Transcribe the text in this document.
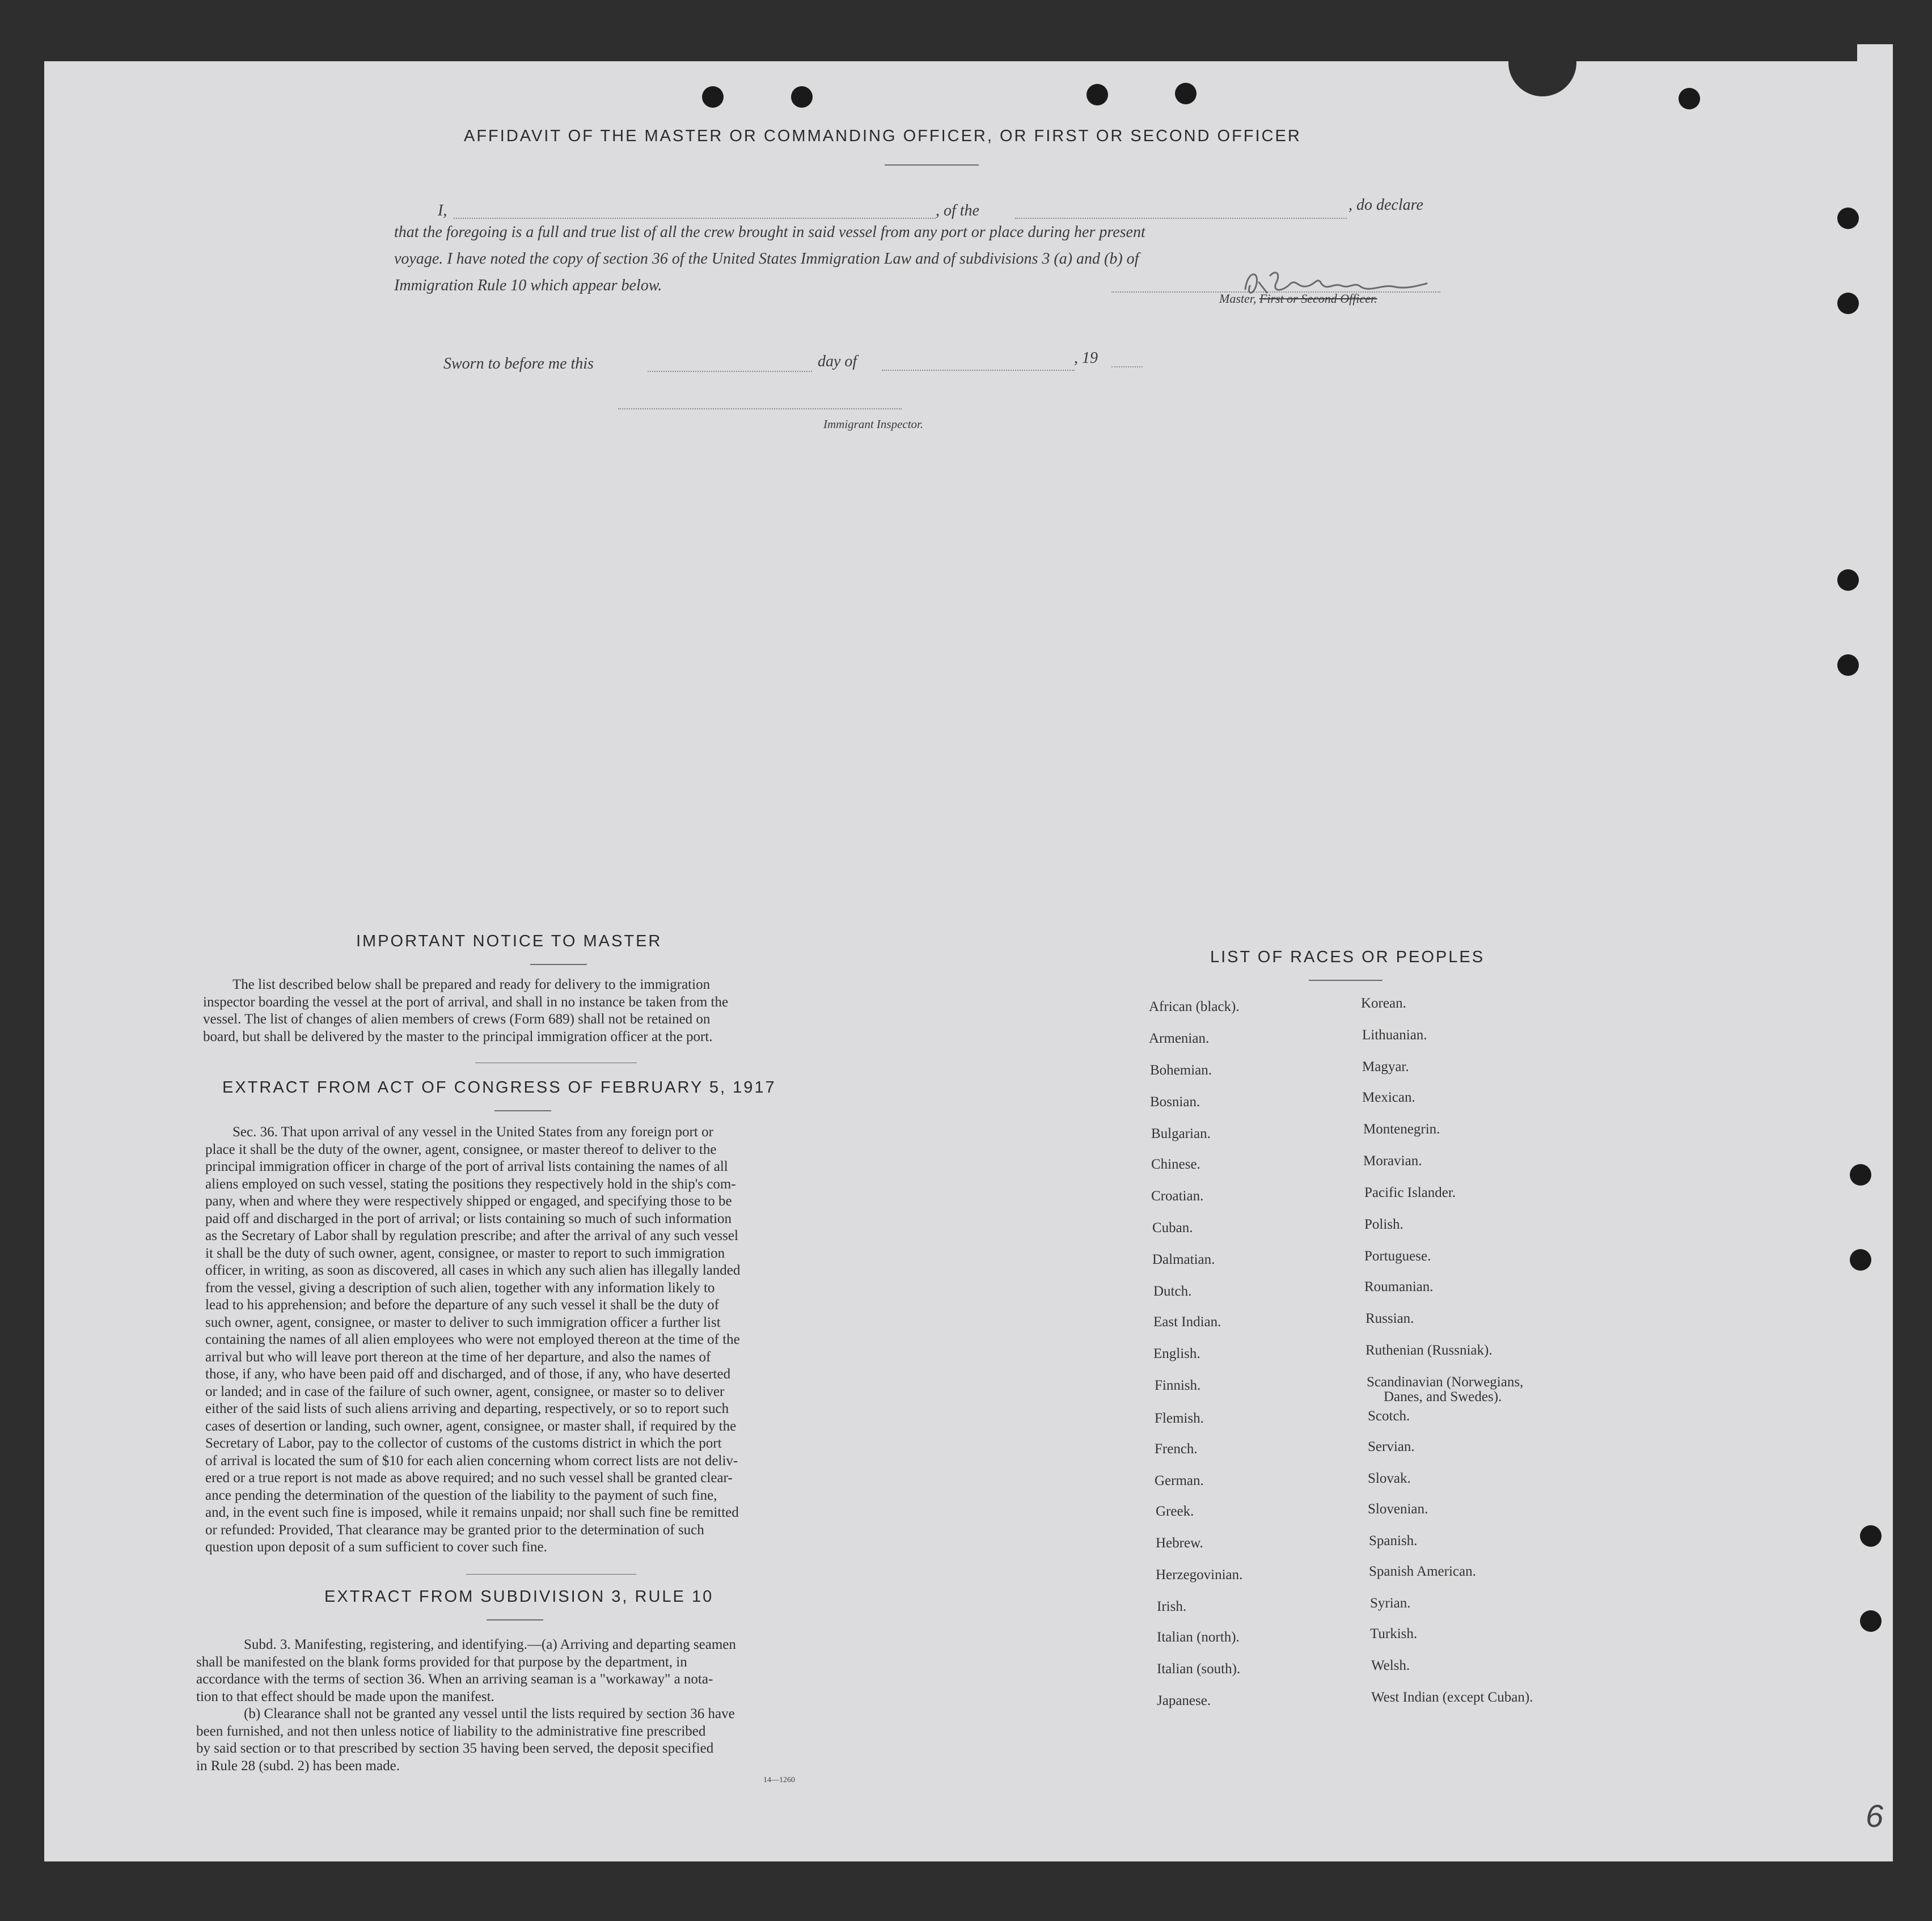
AFFIDAVIT OF THE MASTER OR COMMANDING OFFICER, OR FIRST OR SECOND OFFICER
I,	, of the	, do declare
that the foregoing is a full and true list of all the crew brought in said vessel from any port or place during her present
voyage. I have noted the copy of section 36 of the United States Immigration Law and of subdivisions 3 (a) and (b) of
Immigration Rule 10 which appear below.
Master, First or Second Officer.
Sworn to before me this	day of	, 19
Immigrant Inspector.
IMPORTANT NOTICE TO MASTER
The list described below shall be prepared and ready for delivery to the immigration
inspector boarding the vessel at the port of arrival, and shall in no instance be taken from the
vessel. The list of changes of alien members of crews (Form 689) shall not be retained on
board, but shall be delivered by the master to the principal immigration officer at the port.
EXTRACT FROM ACT OF CONGRESS OF FEBRUARY 5, 1917
Sec. 36. That upon arrival of any vessel in the United States from any foreign port or
place it shall be the duty of the owner, agent, consignee, or master thereof to deliver to the
principal immigration officer in charge of the port of arrival lists containing the names of all
aliens employed on such vessel, stating the positions they respectively hold in the ship's com-
pany, when and where they were respectively shipped or engaged, and specifying those to be
paid off and discharged in the port of arrival; or lists containing so much of such information
as the Secretary of Labor shall by regulation prescribe; and after the arrival of any such vessel
it shall be the duty of such owner, agent, consignee, or master to report to such immigration
officer, in writing, as soon as discovered, all cases in which any such alien has illegally landed
from the vessel, giving a description of such alien, together with any information likely to
lead to his apprehension; and before the departure of any such vessel it shall be the duty of
such owner, agent, consignee, or master to deliver to such immigration officer a further list
containing the names of all alien employees who were not employed thereon at the time of the
arrival but who will leave port thereon at the time of her departure, and also the names of
those, if any, who have been paid off and discharged, and of those, if any, who have deserted
or landed; and in case of the failure of such owner, agent, consignee, or master so to deliver
either of the said lists of such aliens arriving and departing, respectively, or so to report such
cases of desertion or landing, such owner, agent, consignee, or master shall, if required by the
Secretary of Labor, pay to the collector of customs of the customs district in which the port
of arrival is located the sum of $10 for each alien concerning whom correct lists are not deliv-
ered or a true report is not made as above required; and no such vessel shall be granted clear-
ance pending the determination of the question of the liability to the payment of such fine,
and, in the event such fine is imposed, while it remains unpaid; nor shall such fine be remitted
or refunded: Provided, That clearance may be granted prior to the determination of such
question upon deposit of a sum sufficient to cover such fine.
EXTRACT FROM SUBDIVISION 3, RULE 10
Subd. 3. Manifesting, registering, and identifying.—(a) Arriving and departing seamen
shall be manifested on the blank forms provided for that purpose by the department, in
accordance with the terms of section 36. When an arriving seaman is a "workaway" a nota-
tion to that effect should be made upon the manifest.
(b) Clearance shall not be granted any vessel until the lists required by section 36 have
been furnished, and not then unless notice of liability to the administrative fine prescribed
by said section or to that prescribed by section 35 having been served, the deposit specified
in Rule 28 (subd. 2) has been made.
14—1260
LIST OF RACES OR PEOPLES
African (black).
Armenian.
Bohemian.
Bosnian.
Bulgarian.
Chinese.
Croatian.
Cuban.
Dalmatian.
Dutch.
East Indian.
English.
Finnish.
Flemish.
French.
German.
Greek.
Hebrew.
Herzegovinian.
Irish.
Italian (north).
Italian (south).
Japanese.
Korean.
Lithuanian.
Magyar.
Mexican.
Montenegrin.
Moravian.
Pacific Islander.
Polish.
Portuguese.
Roumanian.
Russian.
Ruthenian (Russniak).
Scandinavian (Norwegians,
Danes, and Swedes).
Scotch.
Servian.
Slovak.
Slovenian.
Spanish.
Spanish American.
Syrian.
Turkish.
Welsh.
West Indian (except Cuban).
6
